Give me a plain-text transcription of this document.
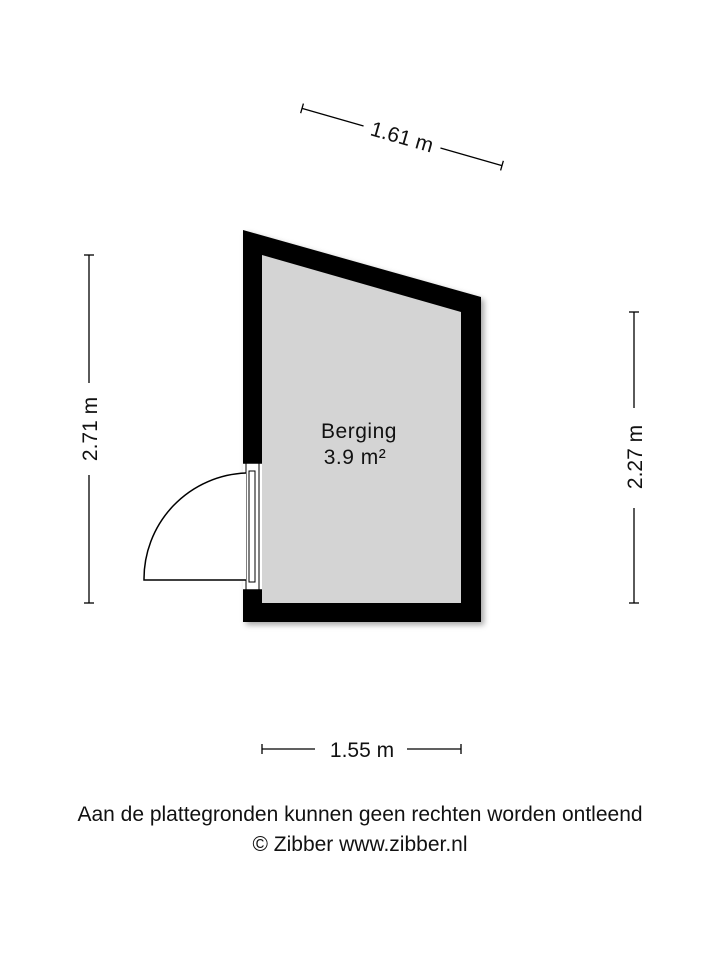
Berging
3.9 m²
1.61 m
2.71 m	2.27 m
1.55 m
Aan de plattegronden kunnen geen rechten worden ontleend
© Zibber www.zibber.nl
